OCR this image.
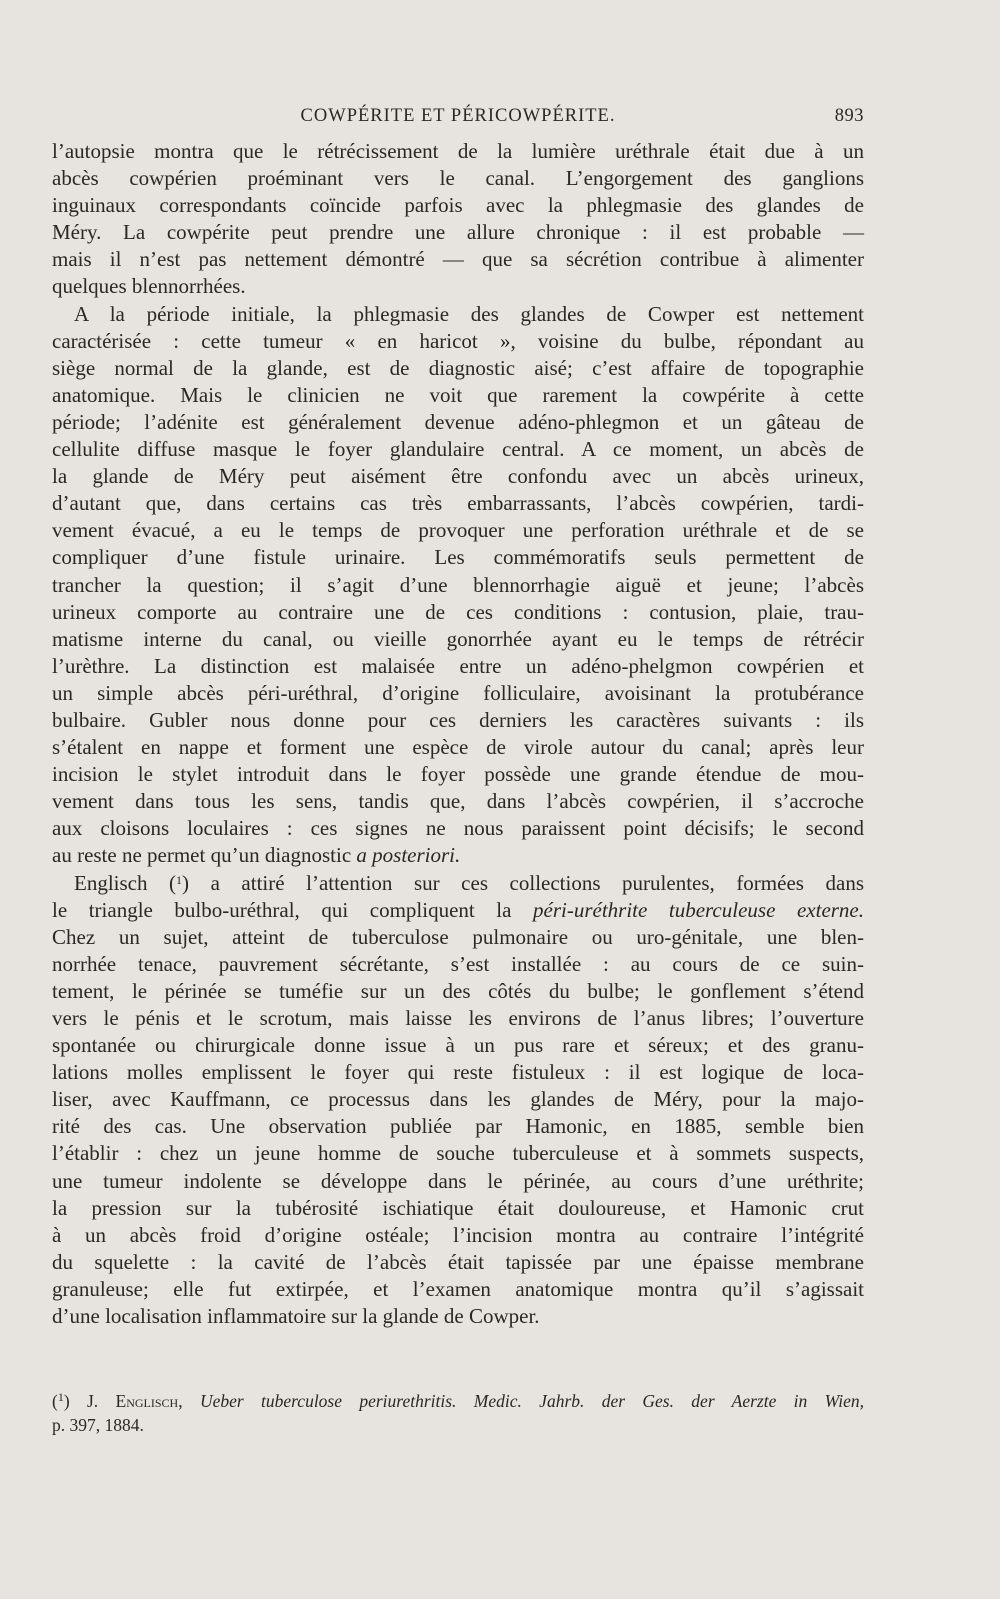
COWPÉRITE ET PÉRICOWPÉRITE.	893
l’autopsie montra que le rétrécissement de la lumière uréthrale était due à un
abcès cowpérien proéminant vers le canal. L’engorgement des ganglions
inguinaux correspondants coïncide parfois avec la phlegmasie des glandes de
Méry. La cowpérite peut prendre une allure chronique : il est probable —
mais il n’est pas nettement démontré — que sa sécrétion contribue à alimenter
quelques blennorrhées.
A la période initiale, la phlegmasie des glandes de Cowper est nettement
caractérisée : cette tumeur « en haricot », voisine du bulbe, répondant au
siège normal de la glande, est de diagnostic aisé; c’est affaire de topographie
anatomique. Mais le clinicien ne voit que rarement la cowpérite à cette
période; l’adénite est généralement devenue adéno-phlegmon et un gâteau de
cellulite diffuse masque le foyer glandulaire central. A ce moment, un abcès de
la glande de Méry peut aisément être confondu avec un abcès urineux,
d’autant que, dans certains cas très embarrassants, l’abcès cowpérien, tardi-
vement évacué, a eu le temps de provoquer une perforation uréthrale et de se
compliquer d’une fistule urinaire. Les commémoratifs seuls permettent de
trancher la question; il s’agit d’une blennorrhagie aiguë et jeune; l’abcès
urineux comporte au contraire une de ces conditions : contusion, plaie, trau-
matisme interne du canal, ou vieille gonorrhée ayant eu le temps de rétrécir
l’urèthre. La distinction est malaisée entre un adéno-phelgmon cowpérien et
un simple abcès péri-uréthral, d’origine folliculaire, avoisinant la protubérance
bulbaire. Gubler nous donne pour ces derniers les caractères suivants : ils
s’étalent en nappe et forment une espèce de virole autour du canal; après leur
incision le stylet introduit dans le foyer possède une grande étendue de mou-
vement dans tous les sens, tandis que, dans l’abcès cowpérien, il s’accroche
aux cloisons loculaires : ces signes ne nous paraissent point décisifs; le second
au reste ne permet qu’un diagnostic a posteriori.
Englisch ($^1$) a attiré l’attention sur ces collections purulentes, formées dans
le triangle bulbo-uréthral, qui compliquent la péri-uréthrite tuberculeuse externe.
Chez un sujet, atteint de tuberculose pulmonaire ou uro-génitale, une blen-
norrhée tenace, pauvrement sécrétante, s’est installée : au cours de ce suin-
tement, le périnée se tuméfie sur un des côtés du bulbe; le gonflement s’étend
vers le pénis et le scrotum, mais laisse les environs de l’anus libres; l’ouverture
spontanée ou chirurgicale donne issue à un pus rare et séreux; et des granu-
lations molles emplissent le foyer qui reste fistuleux : il est logique de loca-
liser, avec Kauffmann, ce processus dans les glandes de Méry, pour la majo-
rité des cas. Une observation publiée par Hamonic, en 1885, semble bien
l’établir : chez un jeune homme de souche tuberculeuse et à sommets suspects,
une tumeur indolente se développe dans le périnée, au cours d’une uréthrite;
la pression sur la tubérosité ischiatique était douloureuse, et Hamonic crut
à un abcès froid d’origine ostéale; l’incision montra au contraire l’intégrité
du squelette : la cavité de l’abcès était tapissée par une épaisse membrane
granuleuse; elle fut extirpée, et l’examen anatomique montra qu’il s’agissait
d’une localisation inflammatoire sur la glande de Cowper.
($^1$) J. Englisch, Ueber tuberculose periurethritis. Medic. Jahrb. der Ges. der Aerzte in Wien,
p. 397, 1884.
